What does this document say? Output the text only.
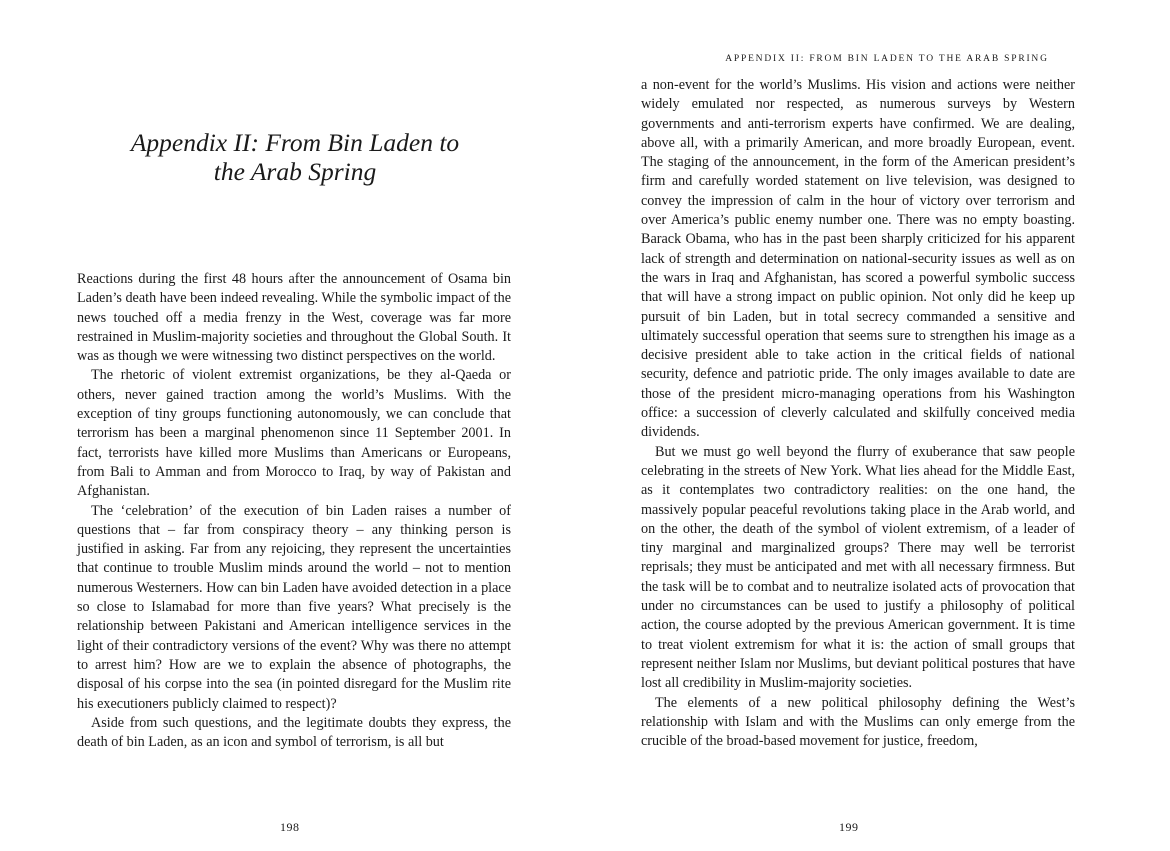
Appendix II: From Bin Laden to
the Arab Spring

Reactions during the first 48 hours after the announcement of Osama bin Laden’s death have been indeed revealing. While the symbolic impact of the news touched off a media frenzy in the West, coverage was far more restrained in Muslim-majority societies and throughout the Global South. It was as though we were witnessing two distinct perspectives on the world.

The rhetoric of violent extremist organizations, be they al-Qaeda or others, never gained traction among the world’s Muslims. With the exception of tiny groups functioning autonomously, we can conclude that terrorism has been a marginal phenomenon since 11 September 2001. In fact, terrorists have killed more Muslims than Americans or Europeans, from Bali to Amman and from Morocco to Iraq, by way of Pakistan and Afghanistan.

The ‘celebration’ of the execution of bin Laden raises a number of questions that – far from conspiracy theory – any thinking person is justified in asking. Far from any rejoicing, they represent the uncertainties that continue to trouble Muslim minds around the world – not to mention numerous Westerners. How can bin Laden have avoided detection in a place so close to Islamabad for more than five years? What precisely is the relationship between Pakistani and American intelligence services in the light of their contradictory versions of the event? Why was there no attempt to arrest him? How are we to explain the absence of photographs, the disposal of his corpse into the sea (in pointed disregard for the Muslim rite his executioners publicly claimed to respect)?

Aside from such questions, and the legitimate doubts they express, the death of bin Laden, as an icon and symbol of terrorism, is all but

198
APPENDIX II: FROM BIN LADEN TO THE ARAB SPRING

a non-event for the world’s Muslims. His vision and actions were neither widely emulated nor respected, as numerous surveys by Western governments and anti-terrorism experts have confirmed. We are dealing, above all, with a primarily American, and more broadly European, event. The staging of the announcement, in the form of the American president’s firm and carefully worded statement on live television, was designed to convey the impression of calm in the hour of victory over terrorism and over America’s public enemy number one. There was no empty boasting. Barack Obama, who has in the past been sharply criticized for his apparent lack of strength and determination on national-security issues as well as on the wars in Iraq and Afghanistan, has scored a powerful symbolic success that will have a strong impact on public opinion. Not only did he keep up pursuit of bin Laden, but in total secrecy commanded a sensitive and ultimately successful operation that seems sure to strengthen his image as a decisive president able to take action in the critical fields of national security, defence and patriotic pride. The only images available to date are those of the president micro-managing operations from his Washington office: a succession of cleverly calculated and skilfully conceived media dividends.

But we must go well beyond the flurry of exuberance that saw people celebrating in the streets of New York. What lies ahead for the Middle East, as it contemplates two contradictory realities: on the one hand, the massively popular peaceful revolutions taking place in the Arab world, and on the other, the death of the symbol of violent extremism, of a leader of tiny marginal and marginalized groups? There may well be terrorist reprisals; they must be anticipated and met with all necessary firmness. But the task will be to combat and to neutralize isolated acts of provocation that under no circumstances can be used to justify a philosophy of political action, the course adopted by the previous American government. It is time to treat violent extremism for what it is: the action of small groups that represent neither Islam nor Muslims, but deviant political postures that have lost all credibility in Muslim-majority societies.

The elements of a new political philosophy defining the West’s relationship with Islam and with the Muslims can only emerge from the crucible of the broad-based movement for justice, freedom,

199
